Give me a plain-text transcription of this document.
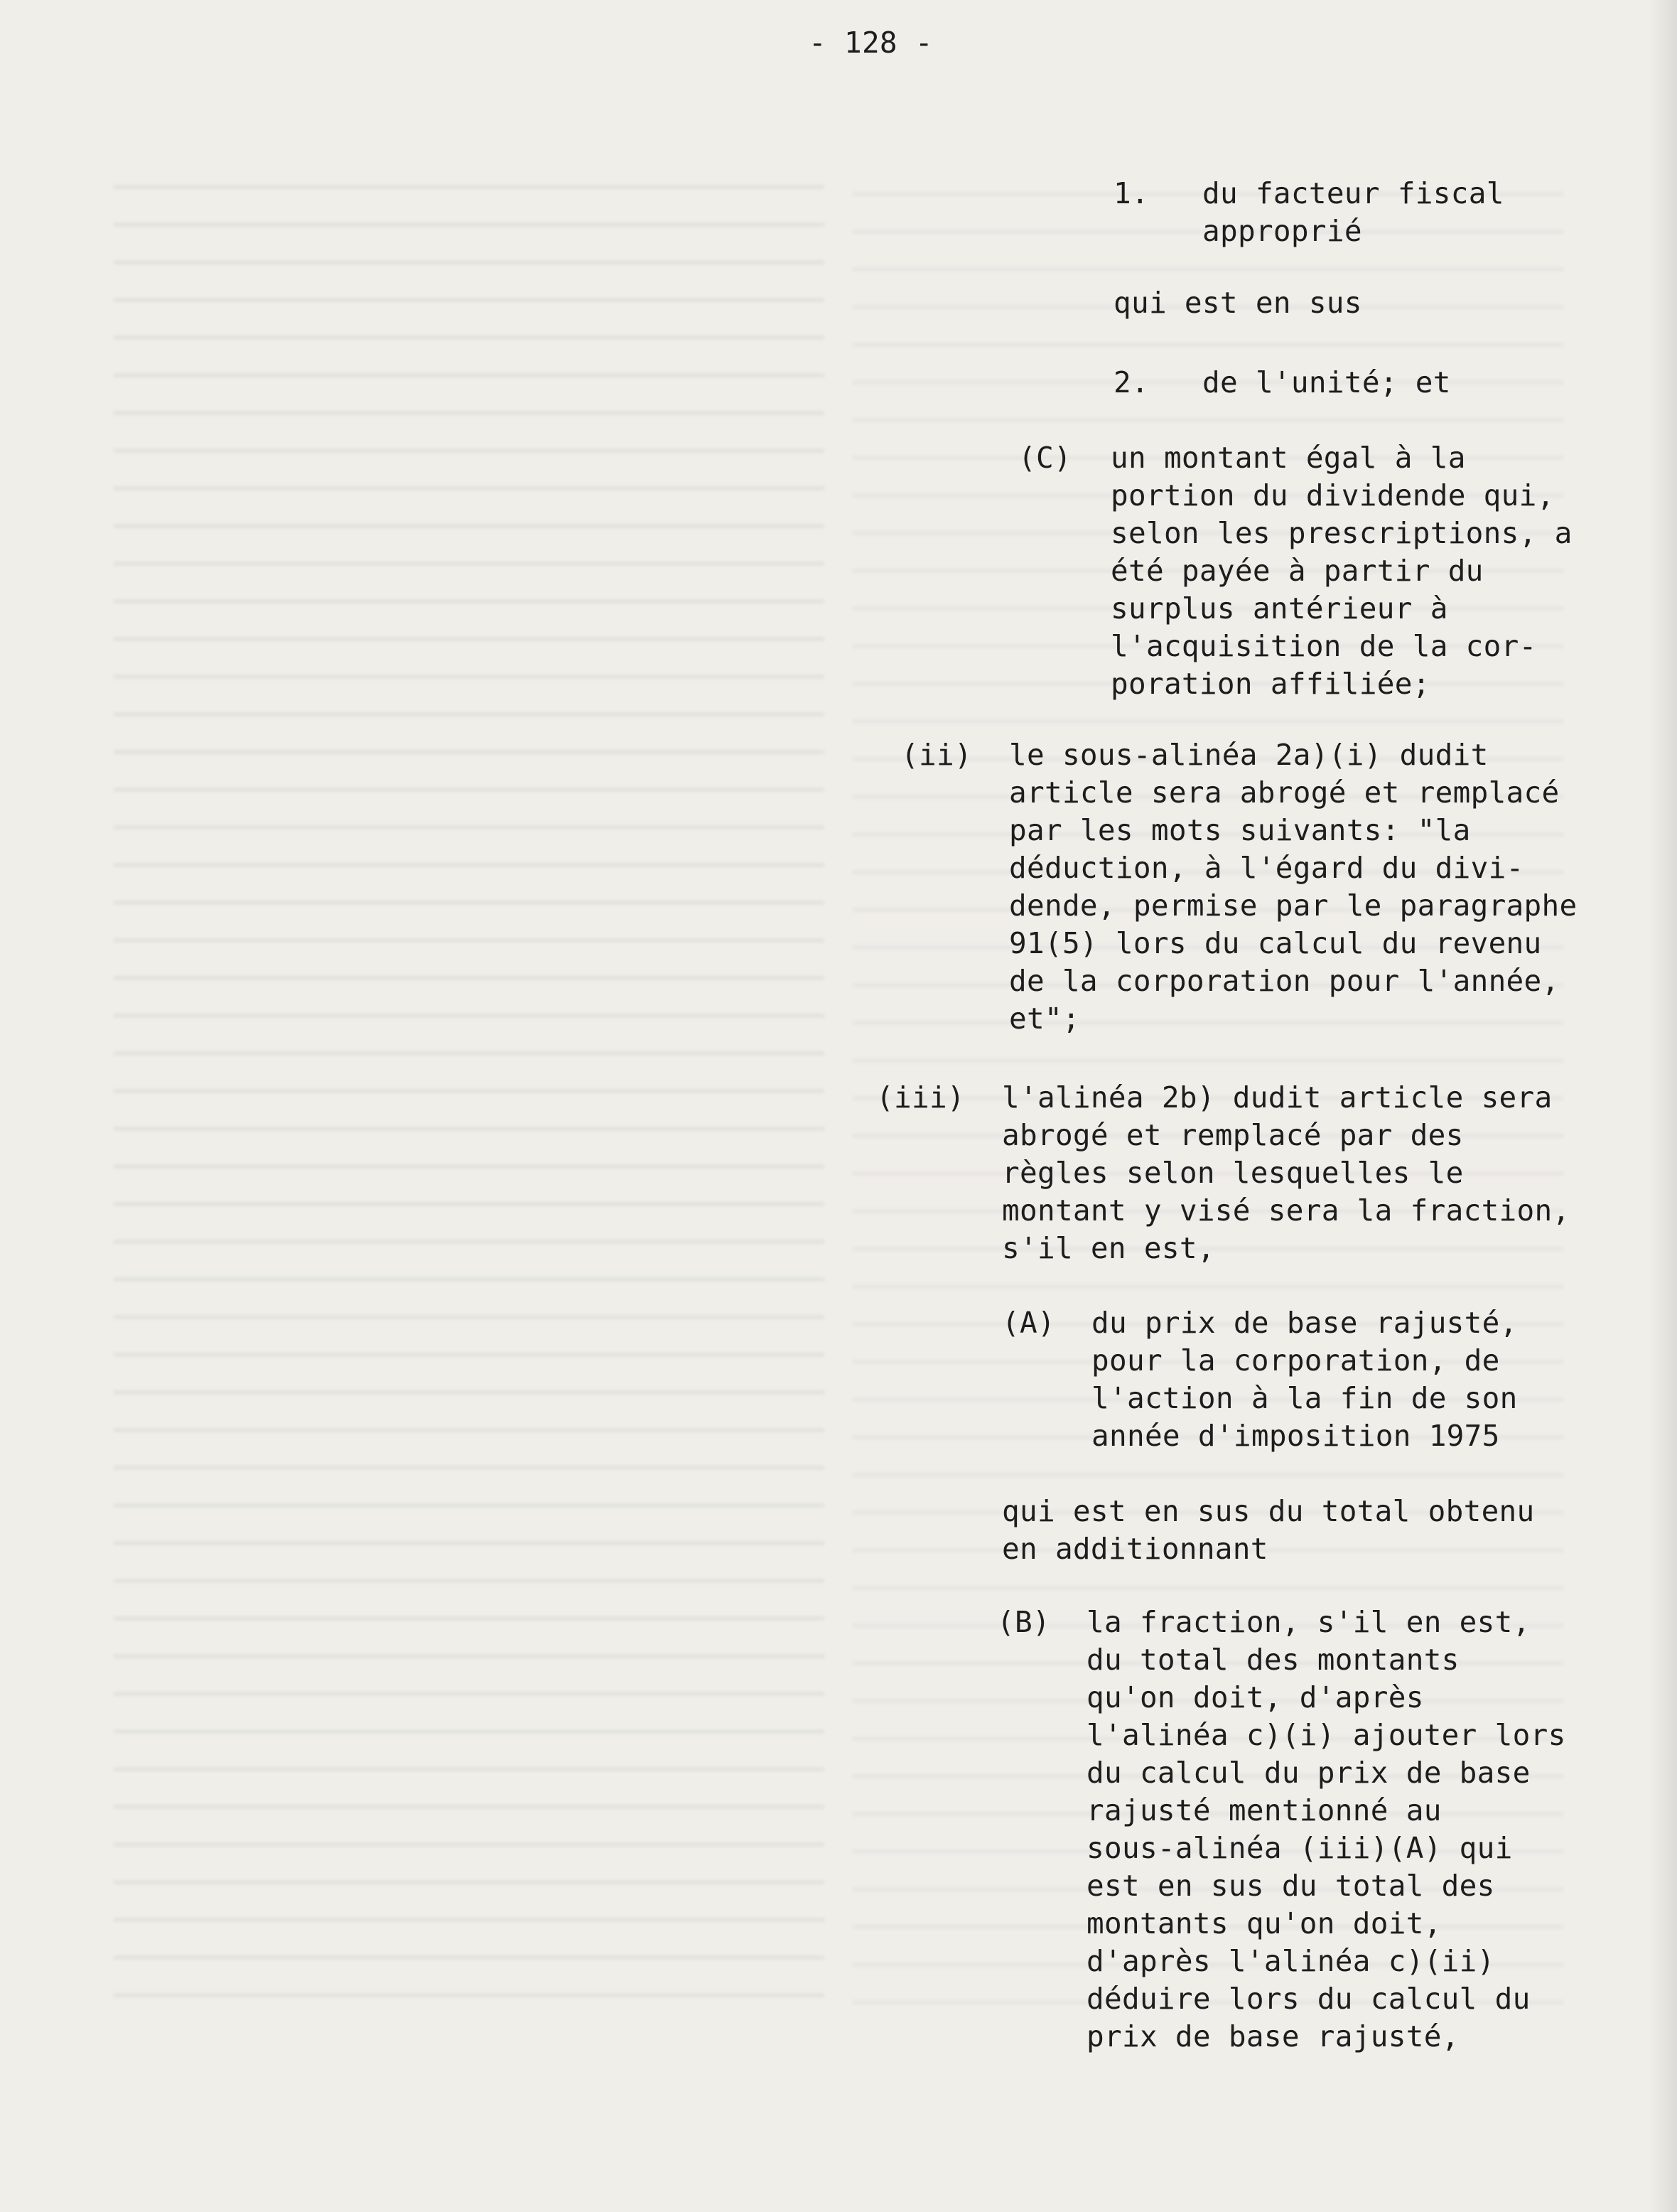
- 128 -
1. du facteur fiscal
approprié
qui est en sus
2. de l'unité; et
(C) un montant égal à la
portion du dividende qui,
selon les prescriptions, a
été payée à partir du
surplus antérieur à
l'acquisition de la cor-
poration affiliée;
(ii) le sous-alinéa 2a)(i) dudit
article sera abrogé et remplacé
par les mots suivants: "la
déduction, à l'égard du divi-
dende, permise par le paragraphe
91(5) lors du calcul du revenu
de la corporation pour l'année,
et";
(iii) l'alinéa 2b) dudit article sera
abrogé et remplacé par des
règles selon lesquelles le
montant y visé sera la fraction,
s'il en est,
(A) du prix de base rajusté,
pour la corporation, de
l'action à la fin de son
année d'imposition 1975
qui est en sus du total obtenu
en additionnant
(B) la fraction, s'il en est,
du total des montants
qu'on doit, d'après
l'alinéa c)(i) ajouter lors
du calcul du prix de base
rajusté mentionné au
sous-alinéa (iii)(A) qui
est en sus du total des
montants qu'on doit,
d'après l'alinéa c)(ii)
déduire lors du calcul du
prix de base rajusté,
